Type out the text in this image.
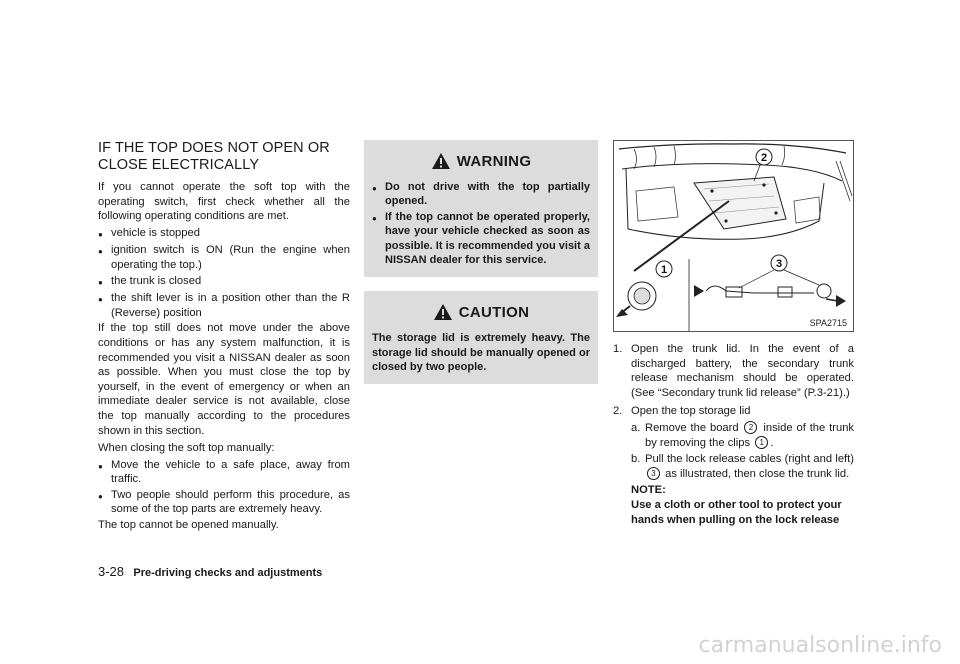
IF THE TOP DOES NOT OPEN OR CLOSE ELECTRICALLY

If you cannot operate the soft top with the operating switch, first check whether all the following operating conditions are met.

● vehicle is stopped
● ignition switch is ON (Run the engine when operating the top.)
● the trunk is closed
● the shift lever is in a position other than the R (Reverse) position

If the top still does not move under the above conditions or has any system malfunction, it is recommended you visit a NISSAN dealer as soon as possible. When you must close the top by yourself, in the event of emergency or when an immediate dealer service is not available, close the top manually according to the procedures shown in this section.

When closing the soft top manually:

● Move the vehicle to a safe place, away from traffic.
● Two people should perform this procedure, as some of the top parts are extremely heavy.

The top cannot be opened manually.

WARNING
● Do not drive with the top partially opened.
● If the top cannot be operated properly, have your vehicle checked as soon as possible. It is recommended you visit a NISSAN dealer for this service.
CAUTION

The storage lid is extremely heavy. The storage lid should be manually opened or closed by two people.

2
1	3
SPA2715
1. Open the trunk lid. In the event of a discharged battery, the secondary trunk release mechanism should be operated. (See “Secondary trunk lid release” (P.3-21).)
2. Open the top storage lid
a. Remove the board 2 inside of the trunk by removing the clips 1 .
b. Pull the lock release cables (right and left) 3 as illustrated, then close the trunk lid.
NOTE:
Use a cloth or other tool to protect your hands when pulling on the lock release
3-28 Pre-driving checks and adjustments
carmanualsonline.info
